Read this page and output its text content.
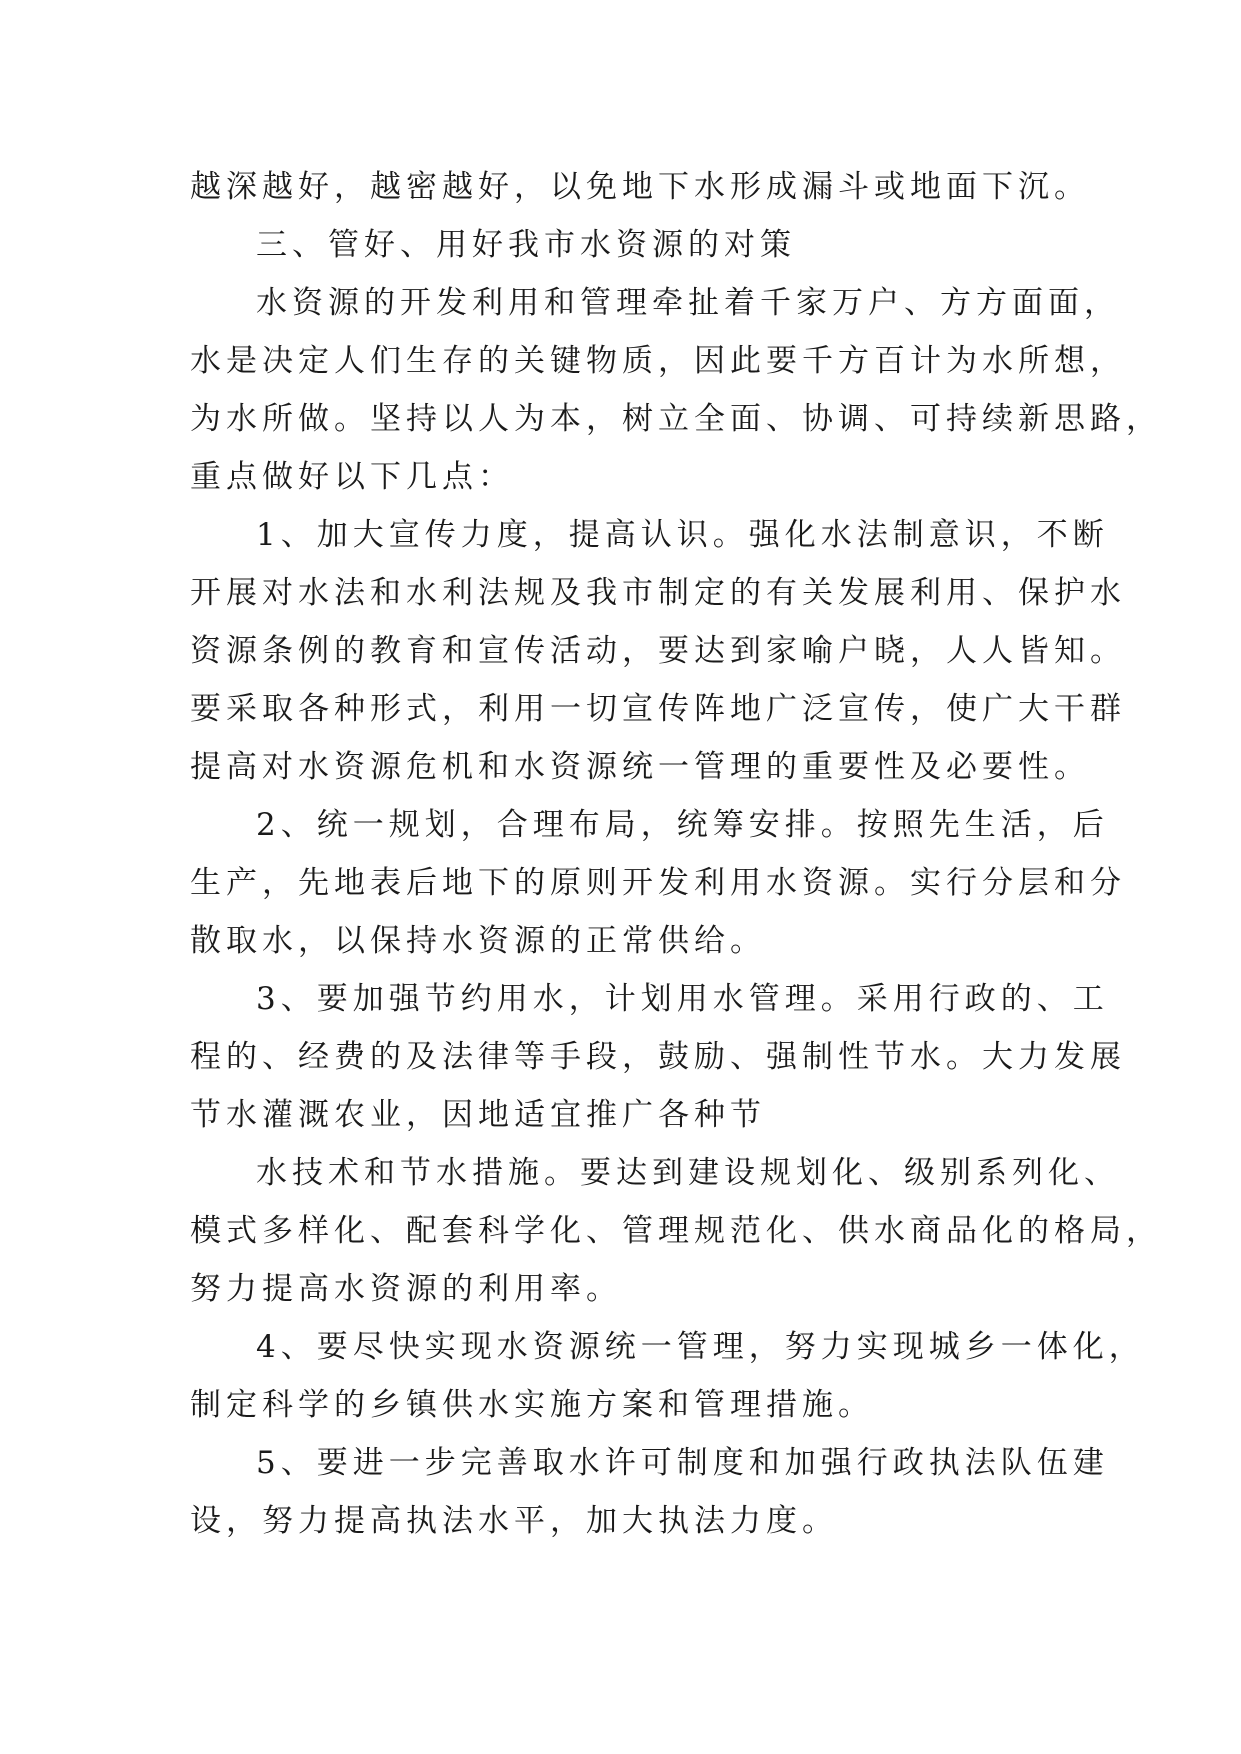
越深越好，越密越好，以免地下水形成漏斗或地面下沉。
三、管好、用好我市水资源的对策
水资源的开发利用和管理牵扯着千家万户、方方面面，
水是决定人们生存的关键物质，因此要千方百计为水所想，
为水所做。坚持以人为本，树立全面、协调、可持续新思路，
重点做好以下几点：
1、加大宣传力度，提高认识。强化水法制意识，不断
开展对水法和水利法规及我市制定的有关发展利用、保护水
资源条例的教育和宣传活动，要达到家喻户晓，人人皆知。
要采取各种形式，利用一切宣传阵地广泛宣传，使广大干群
提高对水资源危机和水资源统一管理的重要性及必要性。
2、统一规划，合理布局，统筹安排。按照先生活，后
生产，先地表后地下的原则开发利用水资源。实行分层和分
散取水，以保持水资源的正常供给。
3、要加强节约用水，计划用水管理。采用行政的、工
程的、经费的及法律等手段，鼓励、强制性节水。大力发展
节水灌溉农业，因地适宜推广各种节
水技术和节水措施。要达到建设规划化、级别系列化、
模式多样化、配套科学化、管理规范化、供水商品化的格局，
努力提高水资源的利用率。
4、要尽快实现水资源统一管理，努力实现城乡一体化，
制定科学的乡镇供水实施方案和管理措施。
5、要进一步完善取水许可制度和加强行政执法队伍建
设，努力提高执法水平，加大执法力度。
